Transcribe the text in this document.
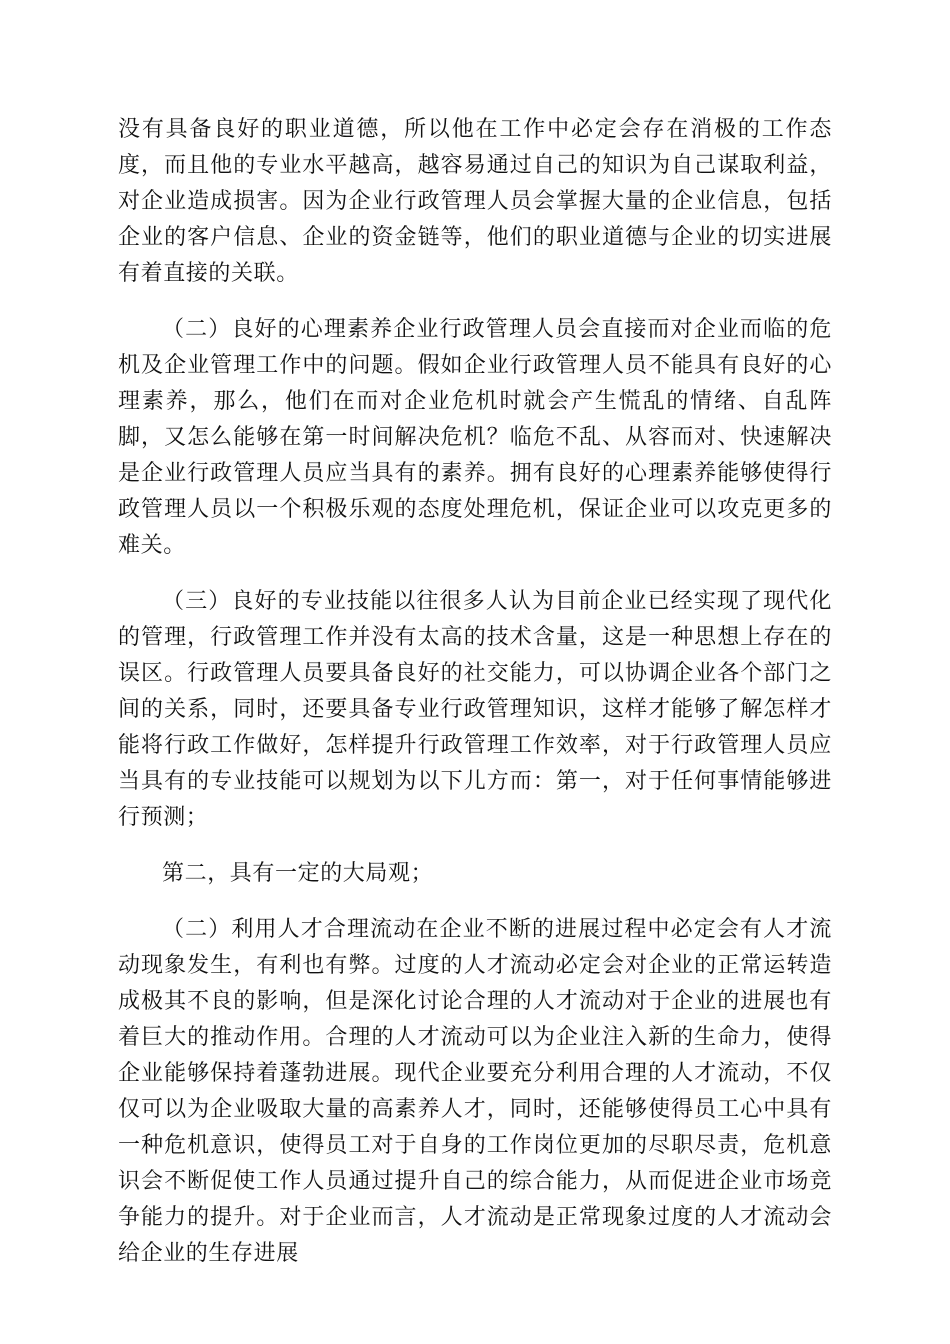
没有具备良好的职业道德，所以他在工作中必定会存在消极的工作态度，而且他的专业水平越高，越容易通过自己的知识为自己谋取利益，对企业造成损害。因为企业行政管理人员会掌握大量的企业信息，包括企业的客户信息、企业的资金链等，他们的职业道德与企业的切实进展有着直接的关联。

（二）良好的心理素养企业行政管理人员会直接而对企业而临的危机及企业管理工作中的问题。假如企业行政管理人员不能具有良好的心理素养，那么，他们在而对企业危机时就会产生慌乱的情绪、自乱阵脚，又怎么能够在第一时间解决危机？临危不乱、从容而对、快速解决是企业行政管理人员应当具有的素养。拥有良好的心理素养能够使得行政管理人员以一个积极乐观的态度处理危机，保证企业可以攻克更多的难关。

（三）良好的专业技能以往很多人认为目前企业已经实现了现代化的管理，行政管理工作并没有太高的技术含量，这是一种思想上存在的误区。行政管理人员要具备良好的社交能力，可以协调企业各个部门之间的关系，同时，还要具备专业行政管理知识，这样才能够了解怎样才能将行政工作做好，怎样提升行政管理工作效率，对于行政管理人员应当具有的专业技能可以规划为以下儿方而：第一，对于任何事情能够进行预测；

第二，具有一定的大局观；

（二）利用人才合理流动在企业不断的进展过程中必定会有人才流动现象发生，有利也有弊。过度的人才流动必定会对企业的正常运转造成极其不良的影响，但是深化讨论合理的人才流动对于企业的进展也有着巨大的推动作用。合理的人才流动可以为企业注入新的生命力，使得企业能够保持着蓬勃进展。现代企业要充分利用合理的人才流动，不仅仅可以为企业吸取大量的高素养人才，同时，还能够使得员工心中具有一种危机意识，使得员工对于自身的工作岗位更加的尽职尽责，危机意识会不断促使工作人员通过提升自己的综合能力，从而促进企业市场竞争能力的提升。对于企业而言，人才流动是正常现象过度的人才流动会给企业的生存进展
